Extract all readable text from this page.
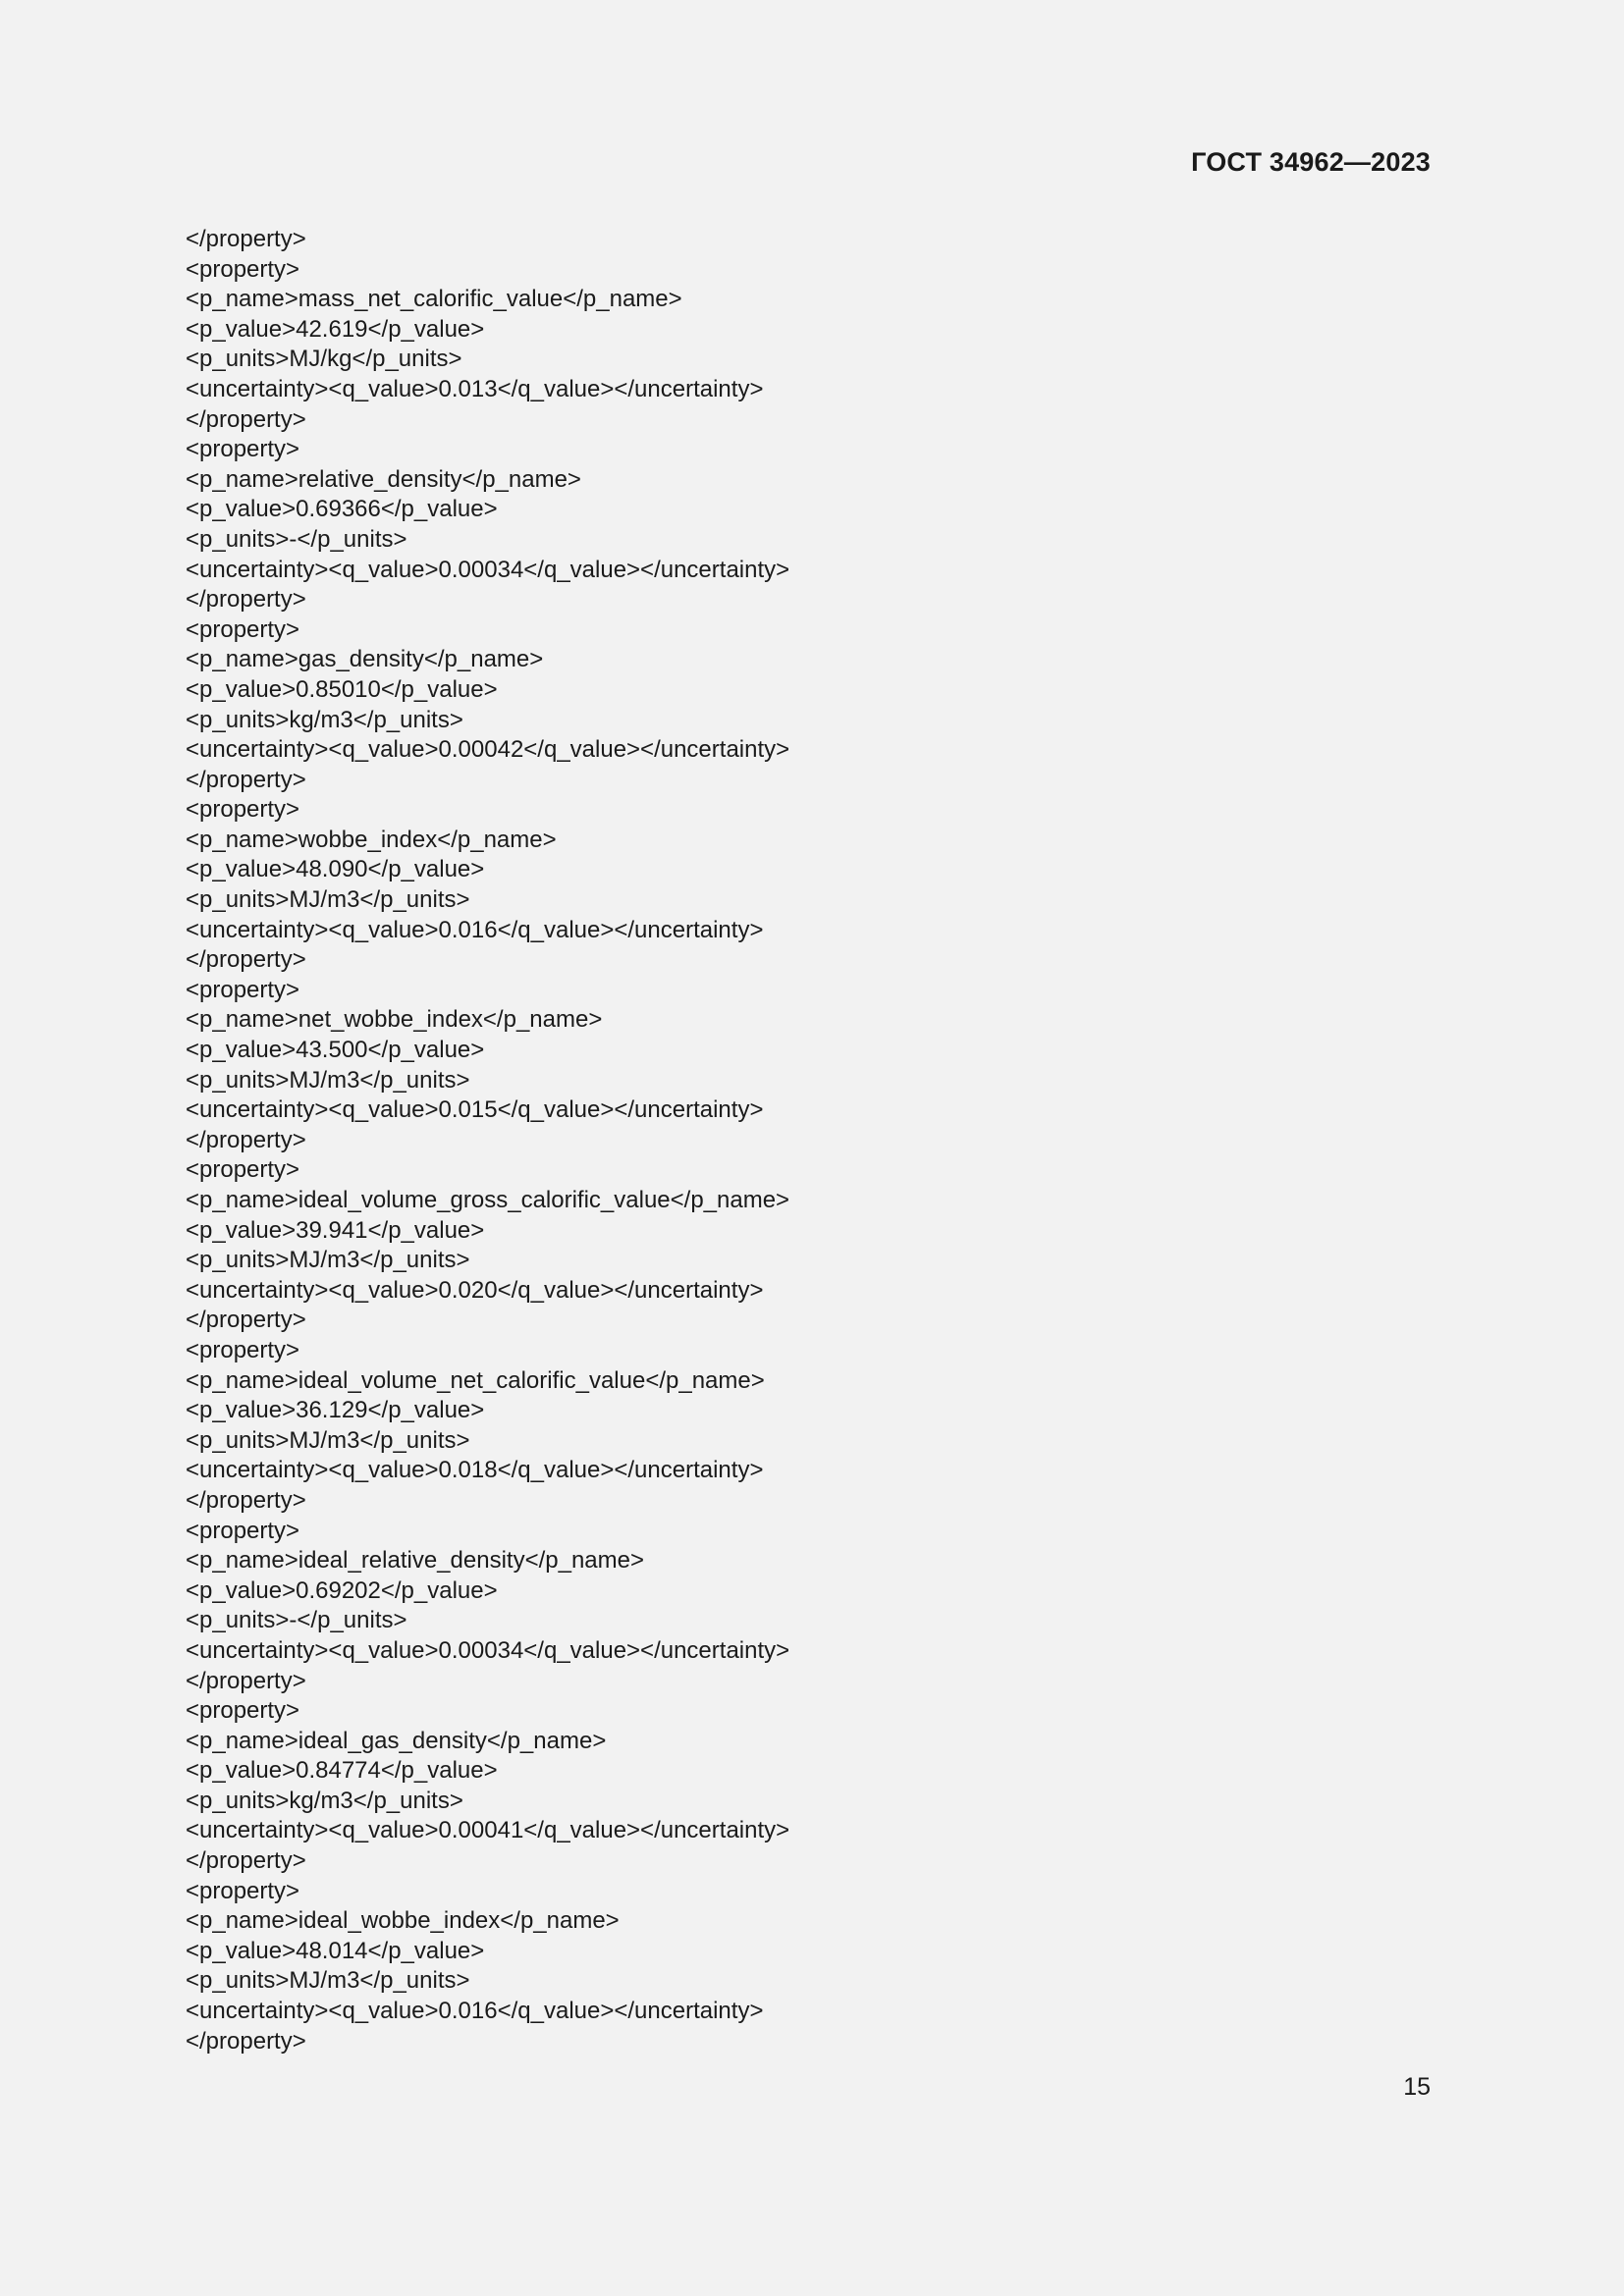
ГОСТ 34962—2023
</property>
<property>
<p_name>mass_net_calorific_value</p_name>
<p_value>42.619</p_value>
<p_units>MJ/kg</p_units>
<uncertainty><q_value>0.013</q_value></uncertainty>
</property>
<property>
<p_name>relative_density</p_name>
<p_value>0.69366</p_value>
<p_units>-</p_units>
<uncertainty><q_value>0.00034</q_value></uncertainty>
</property>
<property>
<p_name>gas_density</p_name>
<p_value>0.85010</p_value>
<p_units>kg/m3</p_units>
<uncertainty><q_value>0.00042</q_value></uncertainty>
</property>
<property>
<p_name>wobbe_index</p_name>
<p_value>48.090</p_value>
<p_units>MJ/m3</p_units>
<uncertainty><q_value>0.016</q_value></uncertainty>
</property>
<property>
<p_name>net_wobbe_index</p_name>
<p_value>43.500</p_value>
<p_units>MJ/m3</p_units>
<uncertainty><q_value>0.015</q_value></uncertainty>
</property>
<property>
<p_name>ideal_volume_gross_calorific_value</p_name>
<p_value>39.941</p_value>
<p_units>MJ/m3</p_units>
<uncertainty><q_value>0.020</q_value></uncertainty>
</property>
<property>
<p_name>ideal_volume_net_calorific_value</p_name>
<p_value>36.129</p_value>
<p_units>MJ/m3</p_units>
<uncertainty><q_value>0.018</q_value></uncertainty>
</property>
<property>
<p_name>ideal_relative_density</p_name>
<p_value>0.69202</p_value>
<p_units>-</p_units>
<uncertainty><q_value>0.00034</q_value></uncertainty>
</property>
<property>
<p_name>ideal_gas_density</p_name>
<p_value>0.84774</p_value>
<p_units>kg/m3</p_units>
<uncertainty><q_value>0.00041</q_value></uncertainty>
</property>
<property>
<p_name>ideal_wobbe_index</p_name>
<p_value>48.014</p_value>
<p_units>MJ/m3</p_units>
<uncertainty><q_value>0.016</q_value></uncertainty>
</property>
15
